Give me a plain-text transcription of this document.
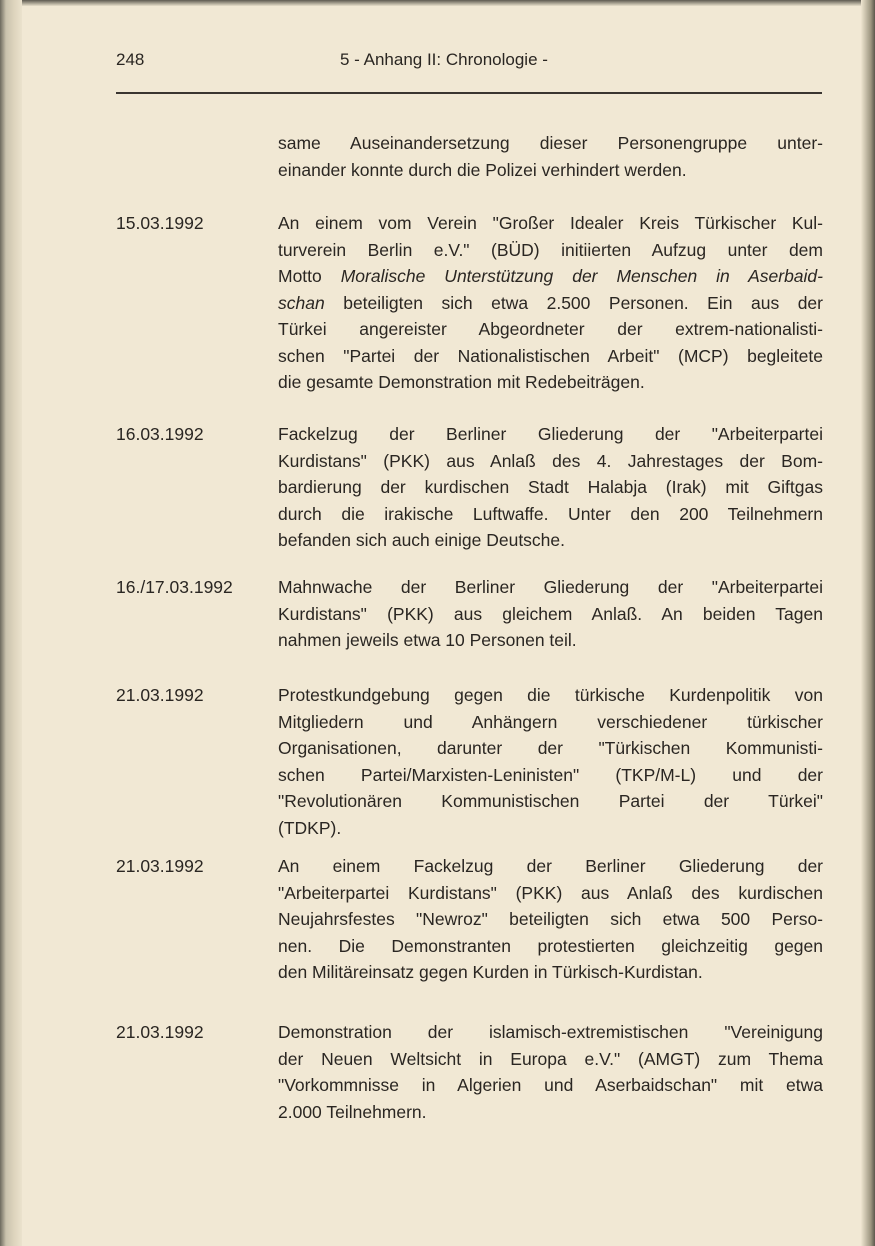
248	5 - Anhang II: Chronologie -
same Auseinandersetzung dieser Personengruppe unter-
einander konnte durch die Polizei verhindert werden.
15.03.1992	An einem vom Verein "Großer Idealer Kreis Türkischer Kul-
turverein Berlin e.V." (BÜD) initiierten Aufzug unter dem
Motto Moralische Unterstützung der Menschen in Aserbaid-
schan beteiligten sich etwa 2.500 Personen. Ein aus der
Türkei angereister Abgeordneter der extrem-nationalisti-
schen "Partei der Nationalistischen Arbeit" (MCP) begleitete
die gesamte Demonstration mit Redebeiträgen.
16.03.1992	Fackelzug der Berliner Gliederung der "Arbeiterpartei
Kurdistans" (PKK) aus Anlaß des 4. Jahrestages der Bom-
bardierung der kurdischen Stadt Halabja (Irak) mit Giftgas
durch die irakische Luftwaffe. Unter den 200 Teilnehmern
befanden sich auch einige Deutsche.
16./17.03.1992	Mahnwache der Berliner Gliederung der "Arbeiterpartei
Kurdistans" (PKK) aus gleichem Anlaß. An beiden Tagen
nahmen jeweils etwa 10 Personen teil.
21.03.1992	Protestkundgebung gegen die türkische Kurdenpolitik von
Mitgliedern und Anhängern verschiedener türkischer
Organisationen, darunter der "Türkischen Kommunisti-
schen Partei/Marxisten-Leninisten" (TKP/M-L) und der
"Revolutionären Kommunistischen Partei der Türkei"
(TDKP).
21.03.1992	An einem Fackelzug der Berliner Gliederung der
"Arbeiterpartei Kurdistans" (PKK) aus Anlaß des kurdischen
Neujahrsfestes "Newroz" beteiligten sich etwa 500 Perso-
nen. Die Demonstranten protestierten gleichzeitig gegen
den Militäreinsatz gegen Kurden in Türkisch-Kurdistan.
21.03.1992	Demonstration der islamisch-extremistischen "Vereinigung
der Neuen Weltsicht in Europa e.V." (AMGT) zum Thema
"Vorkommnisse in Algerien und Aserbaidschan" mit etwa
2.000 Teilnehmern.
